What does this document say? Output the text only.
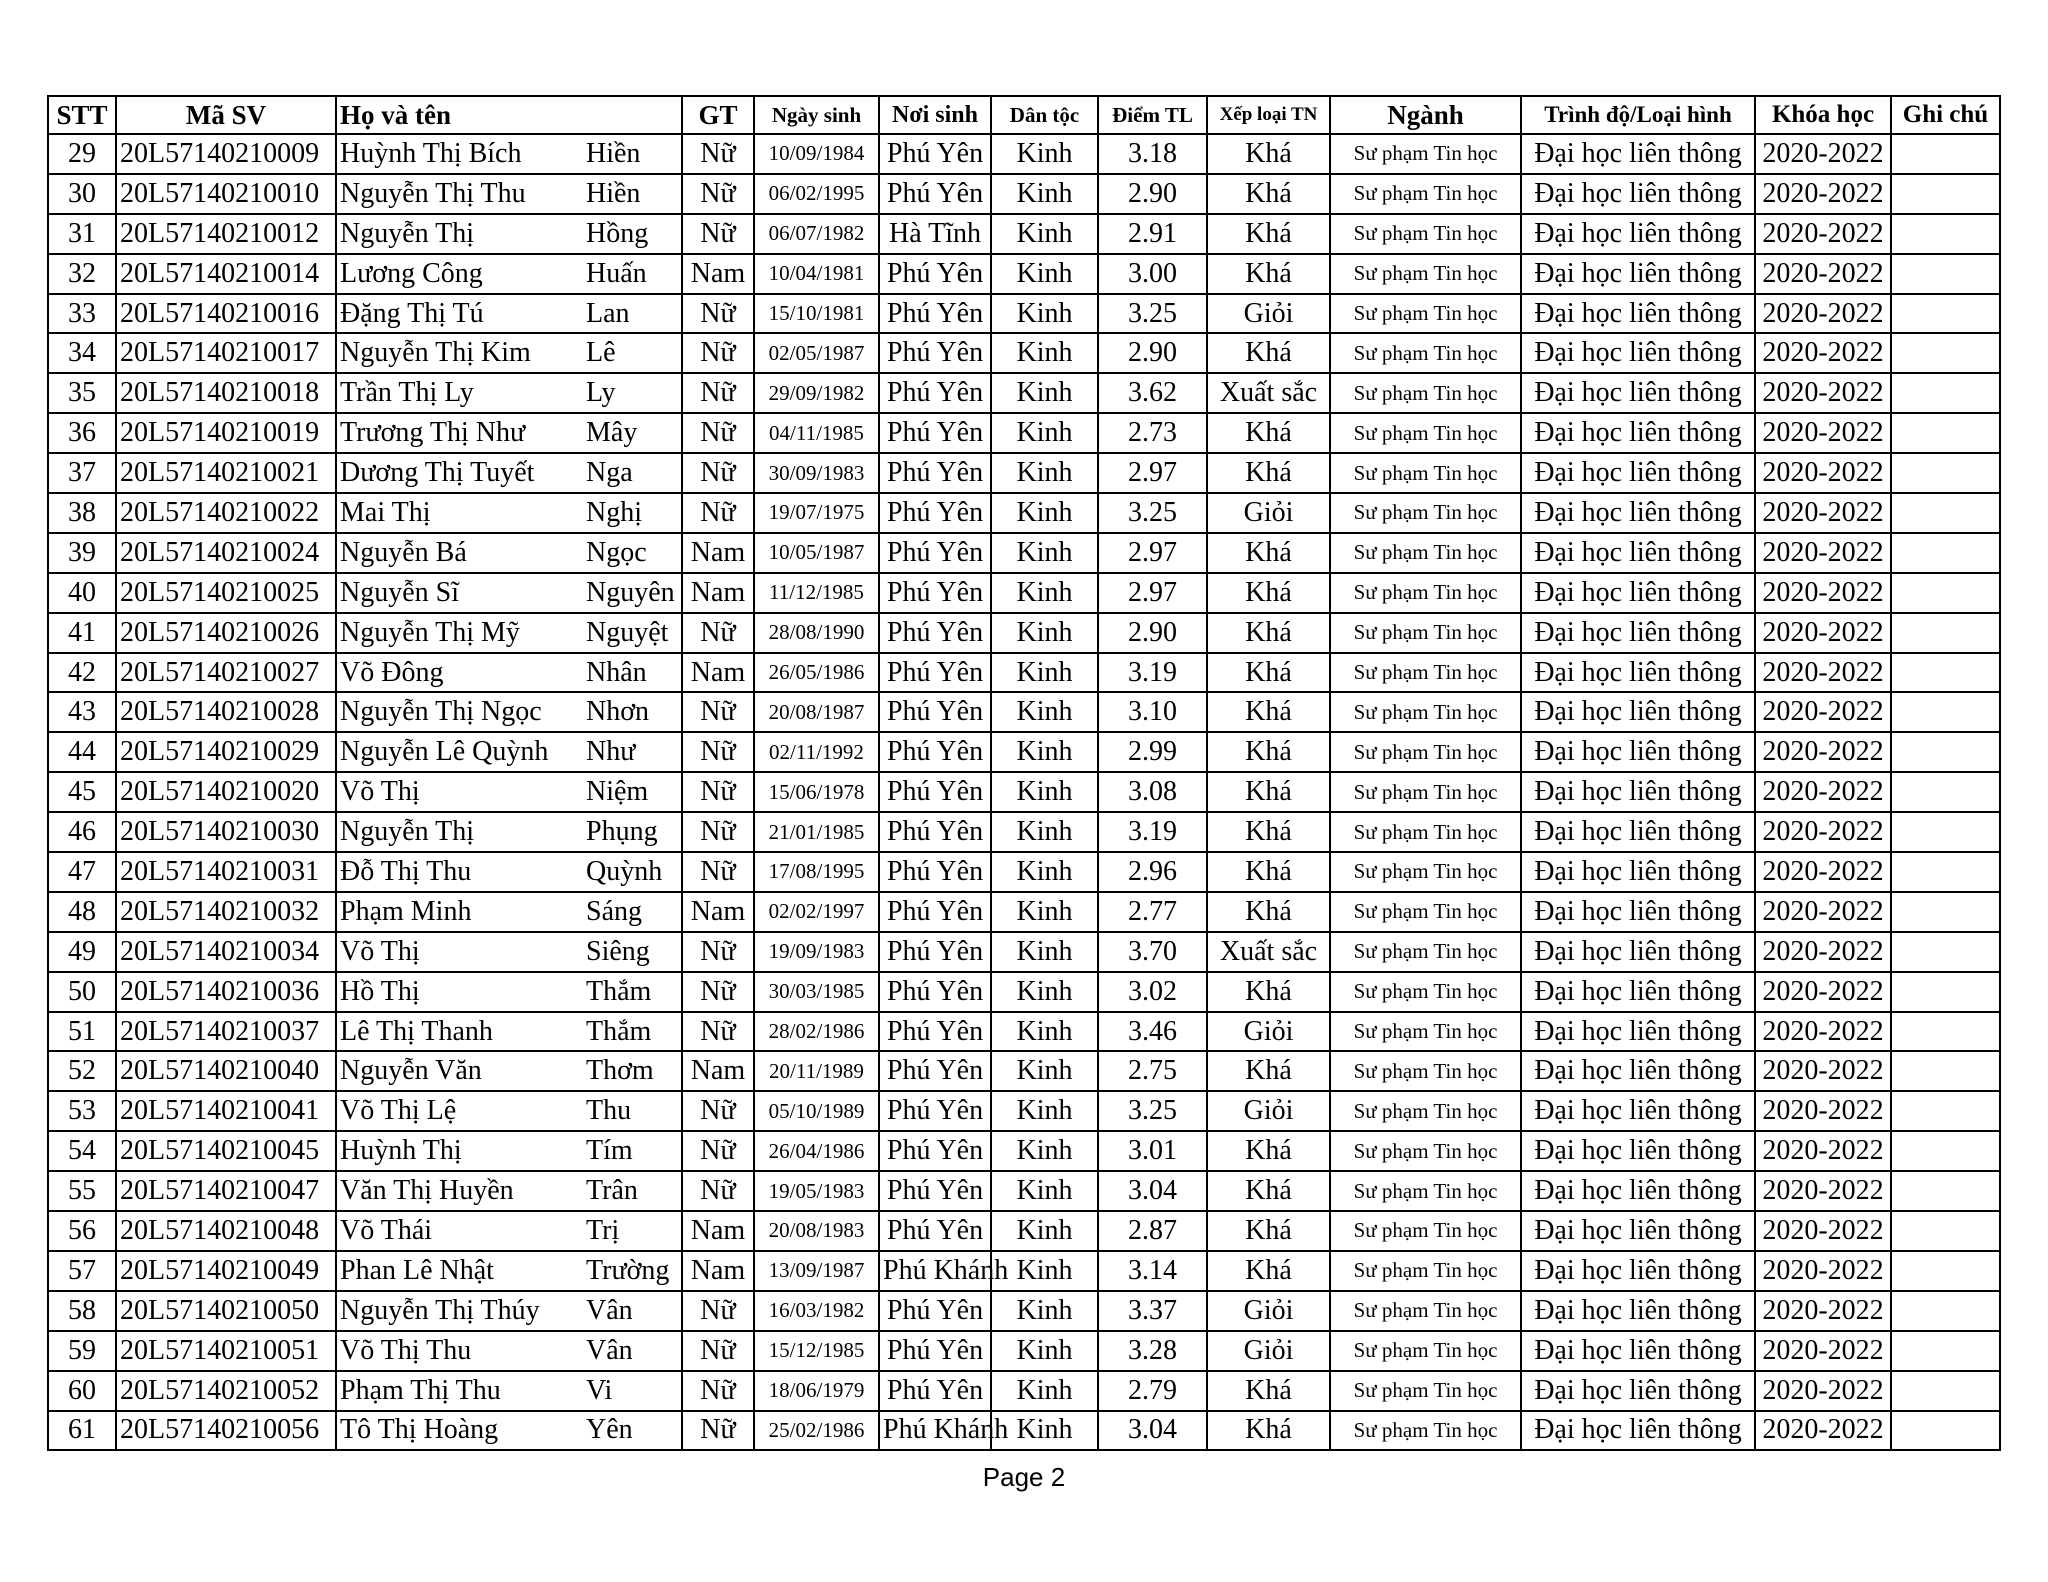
STT	Mã SV	Họ và tên		GT	Ngày sinh	Nơi sinh	Dân tộc	Điểm TL	Xếp loại TN	Ngành	Trình độ/Loại hình	Khóa học	Ghi chú
29	20L57140210009	Huỳnh Thị Bích	Hiền	Nữ	10/09/1984	Phú Yên	Kinh	3.18	Khá	Sư phạm Tin học	Đại học liên thông	2020-2022	
30	20L57140210010	Nguyễn Thị Thu	Hiền	Nữ	06/02/1995	Phú Yên	Kinh	2.90	Khá	Sư phạm Tin học	Đại học liên thông	2020-2022	
31	20L57140210012	Nguyễn Thị	Hồng	Nữ	06/07/1982	Hà Tĩnh	Kinh	2.91	Khá	Sư phạm Tin học	Đại học liên thông	2020-2022	
32	20L57140210014	Lương Công	Huấn	Nam	10/04/1981	Phú Yên	Kinh	3.00	Khá	Sư phạm Tin học	Đại học liên thông	2020-2022	
33	20L57140210016	Đặng Thị Tú	Lan	Nữ	15/10/1981	Phú Yên	Kinh	3.25	Giỏi	Sư phạm Tin học	Đại học liên thông	2020-2022	
34	20L57140210017	Nguyễn Thị Kim	Lê	Nữ	02/05/1987	Phú Yên	Kinh	2.90	Khá	Sư phạm Tin học	Đại học liên thông	2020-2022	
35	20L57140210018	Trần Thị Ly	Ly	Nữ	29/09/1982	Phú Yên	Kinh	3.62	Xuất sắc	Sư phạm Tin học	Đại học liên thông	2020-2022	
36	20L57140210019	Trương Thị Như	Mây	Nữ	04/11/1985	Phú Yên	Kinh	2.73	Khá	Sư phạm Tin học	Đại học liên thông	2020-2022	
37	20L57140210021	Dương Thị Tuyết	Nga	Nữ	30/09/1983	Phú Yên	Kinh	2.97	Khá	Sư phạm Tin học	Đại học liên thông	2020-2022	
38	20L57140210022	Mai Thị	Nghị	Nữ	19/07/1975	Phú Yên	Kinh	3.25	Giỏi	Sư phạm Tin học	Đại học liên thông	2020-2022	
39	20L57140210024	Nguyễn Bá	Ngọc	Nam	10/05/1987	Phú Yên	Kinh	2.97	Khá	Sư phạm Tin học	Đại học liên thông	2020-2022	
40	20L57140210025	Nguyễn Sĩ	Nguyên	Nam	11/12/1985	Phú Yên	Kinh	2.97	Khá	Sư phạm Tin học	Đại học liên thông	2020-2022	
41	20L57140210026	Nguyễn Thị Mỹ	Nguyệt	Nữ	28/08/1990	Phú Yên	Kinh	2.90	Khá	Sư phạm Tin học	Đại học liên thông	2020-2022	
42	20L57140210027	Võ Đông	Nhân	Nam	26/05/1986	Phú Yên	Kinh	3.19	Khá	Sư phạm Tin học	Đại học liên thông	2020-2022	
43	20L57140210028	Nguyễn Thị Ngọc	Nhơn	Nữ	20/08/1987	Phú Yên	Kinh	3.10	Khá	Sư phạm Tin học	Đại học liên thông	2020-2022	
44	20L57140210029	Nguyễn Lê Quỳnh	Như	Nữ	02/11/1992	Phú Yên	Kinh	2.99	Khá	Sư phạm Tin học	Đại học liên thông	2020-2022	
45	20L57140210020	Võ Thị	Niệm	Nữ	15/06/1978	Phú Yên	Kinh	3.08	Khá	Sư phạm Tin học	Đại học liên thông	2020-2022	
46	20L57140210030	Nguyễn Thị	Phụng	Nữ	21/01/1985	Phú Yên	Kinh	3.19	Khá	Sư phạm Tin học	Đại học liên thông	2020-2022	
47	20L57140210031	Đỗ Thị Thu	Quỳnh	Nữ	17/08/1995	Phú Yên	Kinh	2.96	Khá	Sư phạm Tin học	Đại học liên thông	2020-2022	
48	20L57140210032	Phạm Minh	Sáng	Nam	02/02/1997	Phú Yên	Kinh	2.77	Khá	Sư phạm Tin học	Đại học liên thông	2020-2022	
49	20L57140210034	Võ Thị	Siêng	Nữ	19/09/1983	Phú Yên	Kinh	3.70	Xuất sắc	Sư phạm Tin học	Đại học liên thông	2020-2022	
50	20L57140210036	Hồ Thị	Thắm	Nữ	30/03/1985	Phú Yên	Kinh	3.02	Khá	Sư phạm Tin học	Đại học liên thông	2020-2022	
51	20L57140210037	Lê Thị Thanh	Thắm	Nữ	28/02/1986	Phú Yên	Kinh	3.46	Giỏi	Sư phạm Tin học	Đại học liên thông	2020-2022	
52	20L57140210040	Nguyễn Văn	Thơm	Nam	20/11/1989	Phú Yên	Kinh	2.75	Khá	Sư phạm Tin học	Đại học liên thông	2020-2022	
53	20L57140210041	Võ Thị Lệ	Thu	Nữ	05/10/1989	Phú Yên	Kinh	3.25	Giỏi	Sư phạm Tin học	Đại học liên thông	2020-2022	
54	20L57140210045	Huỳnh Thị	Tím	Nữ	26/04/1986	Phú Yên	Kinh	3.01	Khá	Sư phạm Tin học	Đại học liên thông	2020-2022	
55	20L57140210047	Văn Thị Huyền	Trân	Nữ	19/05/1983	Phú Yên	Kinh	3.04	Khá	Sư phạm Tin học	Đại học liên thông	2020-2022	
56	20L57140210048	Võ Thái	Trị	Nam	20/08/1983	Phú Yên	Kinh	2.87	Khá	Sư phạm Tin học	Đại học liên thông	2020-2022	
57	20L57140210049	Phan Lê Nhật	Trường	Nam	13/09/1987	Phú Khánh	Kinh	3.14	Khá	Sư phạm Tin học	Đại học liên thông	2020-2022	
58	20L57140210050	Nguyễn Thị Thúy	Vân	Nữ	16/03/1982	Phú Yên	Kinh	3.37	Giỏi	Sư phạm Tin học	Đại học liên thông	2020-2022	
59	20L57140210051	Võ Thị Thu	Vân	Nữ	15/12/1985	Phú Yên	Kinh	3.28	Giỏi	Sư phạm Tin học	Đại học liên thông	2020-2022	
60	20L57140210052	Phạm Thị Thu	Vi	Nữ	18/06/1979	Phú Yên	Kinh	2.79	Khá	Sư phạm Tin học	Đại học liên thông	2020-2022	
61	20L57140210056	Tô Thị Hoàng	Yên	Nữ	25/02/1986	Phú Khánh	Kinh	3.04	Khá	Sư phạm Tin học	Đại học liên thông	2020-2022	
Page 2
